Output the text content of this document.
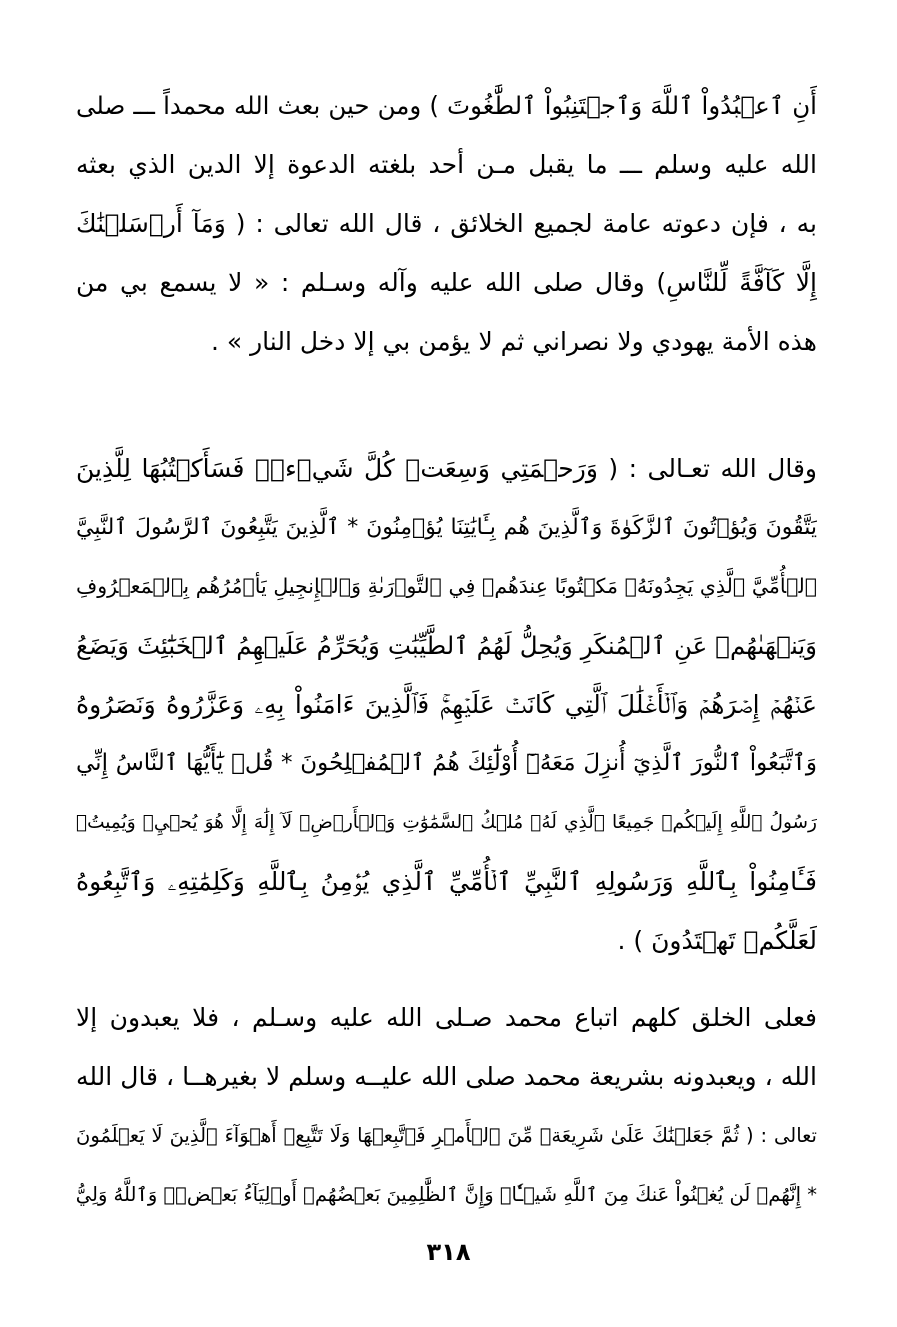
أَنِ ٱعۡبُدُواْ ٱللَّهَ وَٱجۡتَنِبُواْ ٱلطَّٰغُوتَ ) ومن حين بعث الله محمداً ـــ صلى
الله عليه وسلم ـــ ما يقبل مـن أحد بلغته الدعوة إلا الدين الذي بعثه
به ، فإن دعوته عامة لجميع الخلائق ، قال الله تعالى : ( وَمَآ أَرۡسَلۡنَٰكَ
إِلَّا كَآفَّةً لِّلنَّاسِ) وقال صلى الله عليه وآله وسـلم : « لا يسمع بي من
هذه الأمة يهودي ولا نصراني ثم لا يؤمن بي إلا دخل النار » .
وقال الله تعـالى : ( وَرَحۡمَتِي وَسِعَتۡ كُلَّ شَيۡءٖۚ فَسَأَكۡتُبُهَا لِلَّذِينَ
يَتَّقُونَ وَيُؤۡتُونَ ٱلزَّكَوٰةَ وَٱلَّذِينَ هُم بِـَٔايَٰتِنَا يُؤۡمِنُونَ * ٱلَّذِينَ يَتَّبِعُونَ ٱلرَّسُولَ ٱلنَّبِيَّ
ٱلۡأُمِّيَّ ٱلَّذِي يَجِدُونَهُۥ مَكۡتُوبًا عِندَهُمۡ فِي ٱلتَّوۡرَىٰةِ وَٱلۡإِنجِيلِ يَأۡمُرُهُم بِٱلۡمَعۡرُوفِ
وَيَنۡهَىٰهُمۡ عَنِ ٱلۡمُنكَرِ وَيُحِلُّ لَهُمُ ٱلطَّيِّبَٰتِ وَيُحَرِّمُ عَلَيۡهِمُ ٱلۡخَبَٰٓئِثَ وَيَضَعُ
عَنۡهُمۡ إِصۡرَهُمۡ وَٱلۡأَغۡلَٰلَ ٱلَّتِي كَانَتۡ عَلَيۡهِمۡۚ فَٱلَّذِينَ ءَامَنُواْ بِهِۦ وَعَزَّرُوهُ وَنَصَرُوهُ
وَٱتَّبَعُواْ ٱلنُّورَ ٱلَّذِيٓ أُنزِلَ مَعَهُۥٓ أُوْلَٰٓئِكَ هُمُ ٱلۡمُفۡلِحُونَ * قُلۡ يَٰٓأَيُّهَا ٱلنَّاسُ إِنِّي
رَسُولُ ٱللَّهِ إِلَيۡكُمۡ جَمِيعًا ٱلَّذِي لَهُۥ مُلۡكُ ٱلسَّمَٰوَٰتِ وَٱلۡأَرۡضِۖ لَآ إِلَٰهَ إِلَّا هُوَ يُحۡيِۦ وَيُمِيتُۖ
فَـَٔامِنُواْ بِٱللَّهِ وَرَسُولِهِ ٱلنَّبِيِّ ٱلۡأُمِّيِّ ٱلَّذِي يُؤۡمِنُ بِٱللَّهِ وَكَلِمَٰتِهِۦ وَٱتَّبِعُوهُ
لَعَلَّكُمۡ تَهۡتَدُونَ ) .
فعلى الخلق كلهم اتباع محمد صـلى الله عليه وسـلم ، فلا يعبدون إلا
الله ، ويعبدونه بشريعة محمد صلى الله عليــه وسلم لا بغيرهــا ، قال الله
تعالى : ( ثُمَّ جَعَلۡنَٰكَ عَلَىٰ شَرِيعَةٖ مِّنَ ٱلۡأَمۡرِ فَٱتَّبِعۡهَا وَلَا تَتَّبِعۡ أَهۡوَآءَ ٱلَّذِينَ لَا يَعۡلَمُونَ
* إِنَّهُمۡ لَن يُغۡنُواْ عَنكَ مِنَ ٱللَّهِ شَيۡـٔٗاۚ وَإِنَّ ٱلظَّٰلِمِينَ بَعۡضُهُمۡ أَوۡلِيَآءُ بَعۡضٖۖ وَٱللَّهُ وَلِيُّ
٣١٨
